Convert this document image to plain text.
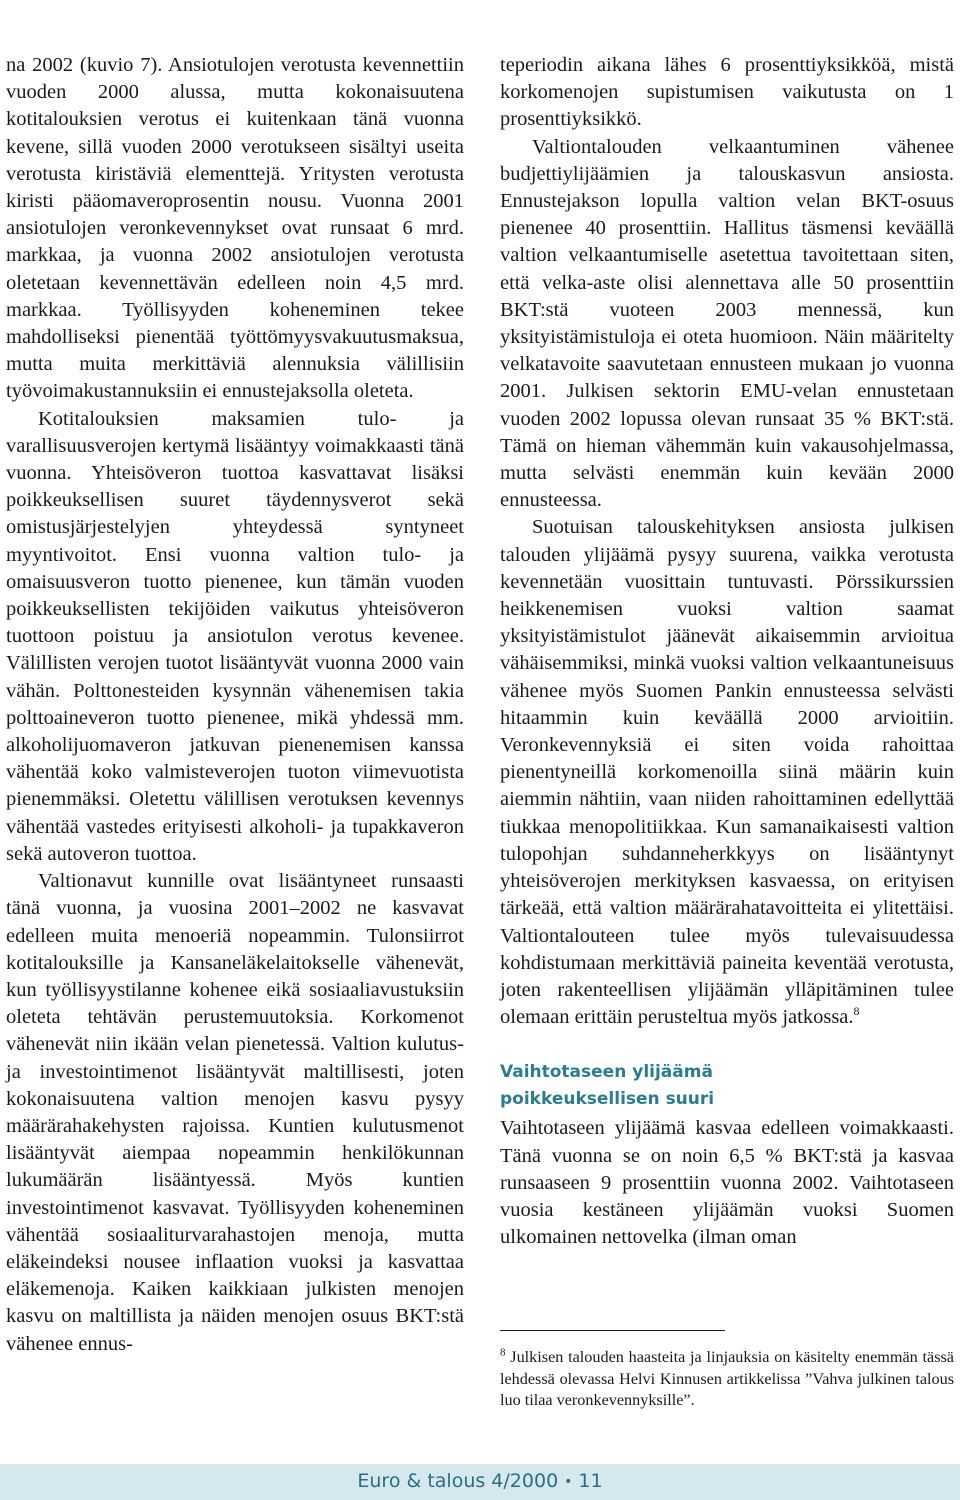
na 2002 (kuvio 7). Ansiotulojen verotusta kevennettiin vuoden 2000 alussa, mutta kokonaisuutena kotitalouksien verotus ei kuitenkaan tänä vuonna kevene, sillä vuoden 2000 verotukseen sisältyi useita verotusta kiristäviä elementtejä. Yritysten verotusta kiristi pääomaveroprosentin nousu. Vuonna 2001 ansiotulojen veronkevennykset ovat runsaat 6 mrd. markkaa, ja vuonna 2002 ansiotulojen verotusta oletetaan kevennettävän edelleen noin 4,5 mrd. markkaa. Työllisyyden koheneminen tekee mahdolliseksi pienentää työttömyysvakuutusmaksua, mutta muita merkittäviä alennuksia välillisiin työvoimakustannuksiin ei ennustejaksolla oleteta.

Kotitalouksien maksamien tulo- ja varallisuusverojen kertymä lisääntyy voimakkaasti tänä vuonna. Yhteisöveron tuottoa kasvattavat lisäksi poikkeuksellisen suuret täydennysverot sekä omistusjärjestelyjen yhteydessä syntyneet myyntivoitot. Ensi vuonna valtion tulo- ja omaisuusveron tuotto pienenee, kun tämän vuoden poikkeuksellisten tekijöiden vaikutus yhteisöveron tuottoon poistuu ja ansiotulon verotus kevenee. Välillisten verojen tuotot lisääntyvät vuonna 2000 vain vähän. Polttonesteiden kysynnän vähenemisen takia polttoaineveron tuotto pienenee, mikä yhdessä mm. alkoholijuomaveron jatkuvan pienenemisen kanssa vähentää koko valmisteverojen tuoton viimevuotista pienemmäksi. Oletettu välillisen verotuksen kevennys vähentää vastedes erityisesti alkoholi- ja tupakkaveron sekä autoveron tuottoa.

Valtionavut kunnille ovat lisääntyneet runsaasti tänä vuonna, ja vuosina 2001–2002 ne kasvavat edelleen muita menoeriä nopeammin. Tulonsiirrot kotitalouksille ja Kansaneläkelaitokselle vähenevät, kun työllisyystilanne kohenee eikä sosiaaliavustuksiin oleteta tehtävän perustemuutoksia. Korkomenot vähenevät niin ikään velan pienetessä. Valtion kulutus- ja investointimenot lisääntyvät maltillisesti, joten kokonaisuutena valtion menojen kasvu pysyy määrärahakehysten rajoissa. Kuntien kulutusmenot lisääntyvät aiempaa nopeammin henkilökunnan lukumäärän lisääntyessä. Myös kuntien investointimenot kasvavat. Työllisyyden koheneminen vähentää sosiaaliturvarahastojen menoja, mutta eläkeindeksi nousee inflaation vuoksi ja kasvattaa eläkemenoja. Kaiken kaikkiaan julkisten menojen kasvu on maltillista ja näiden menojen osuus BKT:stä vähenee ennus-

teperiodin aikana lähes 6 prosenttiyksikköä, mistä korkomenojen supistumisen vaikutusta on 1 prosenttiyksikkö.

Valtiontalouden velkaantuminen vähenee budjettiylijäämien ja talouskasvun ansiosta. Ennustejakson lopulla valtion velan BKT-osuus pienenee 40 prosenttiin. Hallitus täsmensi keväällä valtion velkaantumiselle asetettua tavoitettaan siten, että velka-aste olisi alennettava alle 50 prosenttiin BKT:stä vuoteen 2003 mennessä, kun yksityistämistuloja ei oteta huomioon. Näin määritelty velkatavoite saavutetaan ennusteen mukaan jo vuonna 2001. Julkisen sektorin EMU-velan ennustetaan vuoden 2002 lopussa olevan runsaat 35 % BKT:stä. Tämä on hieman vähemmän kuin vakausohjelmassa, mutta selvästi enemmän kuin kevään 2000 ennusteessa.

Suotuisan talouskehityksen ansiosta julkisen talouden ylijäämä pysyy suurena, vaikka verotusta kevennetään vuosittain tuntuvasti. Pörssikurssien heikkenemisen vuoksi valtion saamat yksityistämistulot jäänevät aikaisemmin arvioitua vähäisemmiksi, minkä vuoksi valtion velkaantuneisuus vähenee myös Suomen Pankin ennusteessa selvästi hitaammin kuin keväällä 2000 arvioitiin. Veronkevennyksiä ei siten voida rahoittaa pienentyneillä korkomenoilla siinä määrin kuin aiemmin nähtiin, vaan niiden rahoittaminen edellyttää tiukkaa menopolitiikkaa. Kun samanaikaisesti valtion tulopohjan suhdanneherkkyys on lisääntynyt yhteisöverojen merkityksen kasvaessa, on erityisen tärkeää, että valtion määrärahatavoitteita ei ylitettäisi. Valtiontalouteen tulee myös tulevaisuudessa kohdistumaan merkittäviä paineita keventää verotusta, joten rakenteellisen ylijäämän ylläpitäminen tulee olemaan erittäin perusteltua myös jatkossa.$^8$

Vaihtotaseen ylijäämä
poikkeuksellisen suuri

Vaihtotaseen ylijäämä kasvaa edelleen voimakkaasti. Tänä vuonna se on noin 6,5 % BKT:stä ja kasvaa runsaaseen 9 prosenttiin vuonna 2002. Vaihtotaseen vuosia kestäneen ylijäämän vuoksi Suomen ulkomainen nettovelka (ilman oman

$^8$ Julkisen talouden haasteita ja linjauksia on käsitelty enemmän tässä lehdessä olevassa Helvi Kinnusen artikkelissa ”Vahva julkinen talous luo tilaa veronkevennyksille”.
Euro & talous 4/2000 • 11
